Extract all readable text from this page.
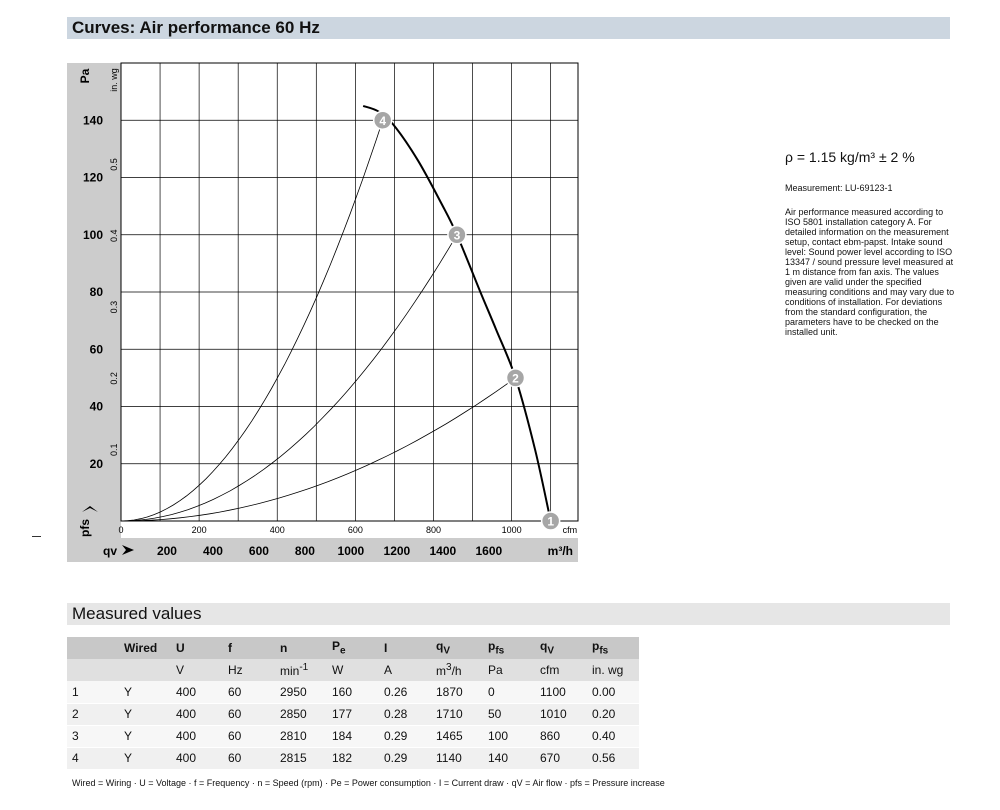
Curves: Air performance 60 Hz
20
40
60
80
100
120
140
0.1
0.2
0.3
0.4
0.5
Pa in. wg
pfs	0	200	400	600	800	1000	cfm
200 400 600 800 1000 1200 1400 1600	m³/h
qv
1
2
3
4
ρ = 1.15 kg/m³ ± 2 %
Measurement: LU-69123-1
Air performance measured according to ISO 5801 installation category A. For detailed information on the measurement setup, contact ebm-papst. Intake sound level: Sound power level according to ISO 13347 / sound pressure level measured at 1 m distance from fan axis. The values given are valid under the specified measuring conditions and may vary due to conditions of installation. For deviations from the standard configuration, the parameters have to be checked on the installed unit.
Measured values
	Wired	U	f	n	$P_e$	I	$q_V$	$p_{fs}$	$q_V$	$p_{fs}$
		V	Hz	$\min^{-1}$	W	A	$m^3/h$	Pa	cfm	in. wg
1	Y	400	60	2950	160	0.26	1870	0	1100	0.00
2	Y	400	60	2850	177	0.28	1710	50	1010	0.20
3	Y	400	60	2810	184	0.29	1465	100	860	0.40
4	Y	400	60	2815	182	0.29	1140	140	670	0.56
Wired = Wiring · U = Voltage · f = Frequency · n = Speed (rpm) · Pe = Power consumption · I = Current draw · qV = Air flow · pfs = Pressure increase
